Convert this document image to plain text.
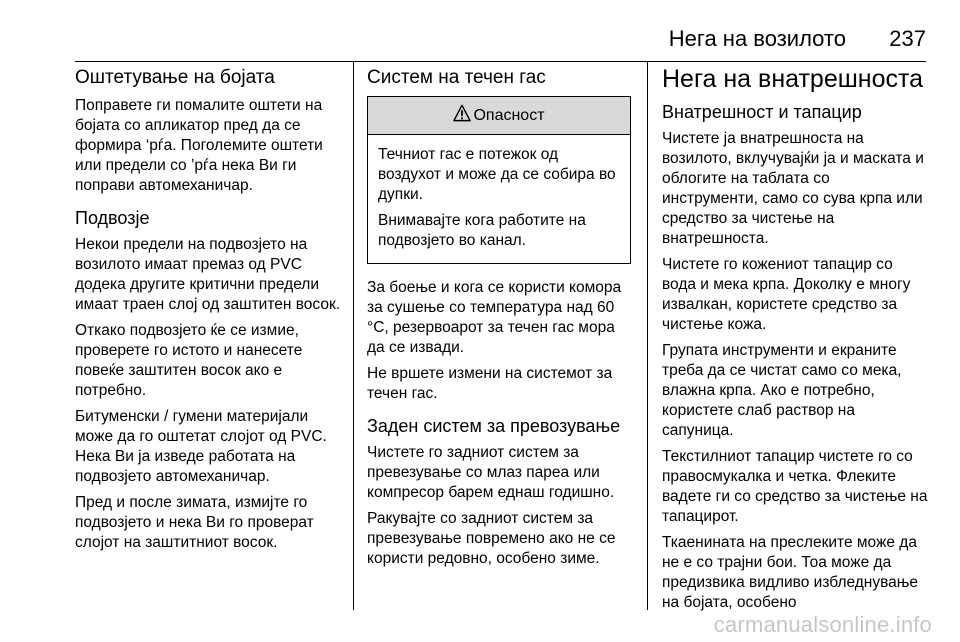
Нега на возилото 237
Оштетување на бојата

Поправете ги помалите оштети на бојата со апликатор пред да се формира ‘рѓа. Поголемите оштети или предели со ’рѓа нека Ви ги поправи автомеханичар.

Подвозје

Некои предели на подвозјето на возилото имаат премаз од PVC додека другите критични предели имаат траен слој од заштитен восок.

Откако подвозјето ќе се измие, проверете го истото и нанесете повеќе заштитен восок ако е потребно.

Битуменски / гумени материјали може да го оштетат слојот од PVC. Нека Ви ја изведе работата на подвозјето автомеханичар.

Пред и после зимата, измијте го подвозјето и нека Ви го проверат слојот на заштитниот восок.

Систем на течен гас
Опасност

Течниот гас е потежок од воздухот и може да се собира во дупки.

Внимавајте кога работите на подвозјето во канал.

За боење и кога се користи комора за сушење со температура над 60 °C, резервоарот за течен гас мора да се извади.

Не вршете измени на системот за течен гас.

Заден систем за превозување

Чистете го задниот систем за превезување со млаз пареа или компресор барем еднаш годишно.

Ракувајте со задниот систем за превезување повремено ако не се користи редовно, особено зиме.

Нега на внатрешноста
Внатрешност и тапацир

Чистете ја внатрешноста на возилото, вклучувајќи ја и маската и облогите на таблата со инструменти, само со сува крпа или средство за чистење на внатрешноста.

Чистете го кожениот тапацир со вода и мека крпа. Доколку е многу извалкан, користете средство за чистење кожа.

Групата инструменти и екраните треба да се чистат само со мека, влажна крпа. Ако е потребно, користете слаб раствор на сапуница.

Текстилниот тапацир чистете го со правосмукалка и четка. Флеките вадете ги со средство за чистење на тапацирот.

Ткаенината на преслеките може да не е со трајни бои. Тоа може да предизвика видливо избледнување на бојата, особено

carmanualsonline.info
